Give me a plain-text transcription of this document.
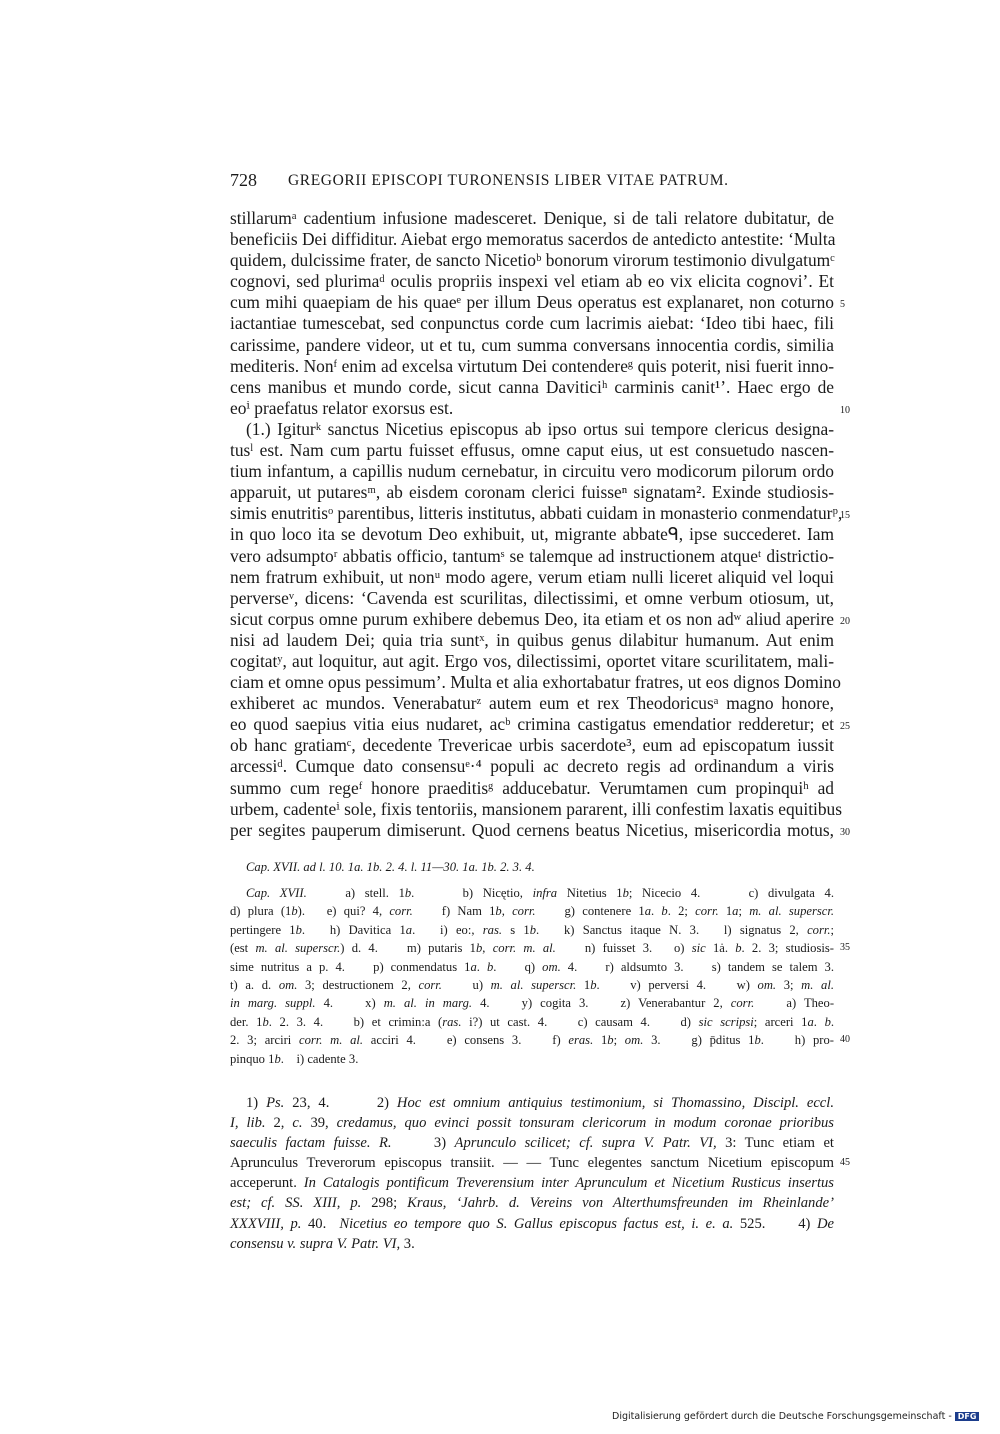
728 GREGORII EPISCOPI TURONENSIS LIBER VITAE PATRUM.
stillarumᵃ cadentium infusione madesceret. Denique, si de tali relatore dubitatur, de
beneficiis Dei diffiditur. Aiebat ergo memoratus sacerdos de antedicto antestite: ‘Multa
quidem, dulcissime frater, de sancto Nicetioᵇ bonorum virorum testimonio divulgatumᶜ
cognovi, sed plurimaᵈ oculis propriis inspexi vel etiam ab eo vix elicita cognovi’. Et
cum mihi quaepiam de his quaeᵉ per illum Deus operatus est explanaret, non coturno 5
iactantiae tumescebat, sed conpunctus corde cum lacrimis aiebat: ‘Ideo tibi haec, fili
carissime, pandere videor, ut et tu, cum summa conversans innocentia cordis, similia
mediteris. Nonᶠ enim ad excelsa virtutum Dei contendereᵍ quis poterit, nisi fuerit inno-
cens manibus et mundo corde, sicut canna Daviticiʰ carminis canit¹’. Haec ergo de
eoⁱ praefatus relator exorsus est.	10
(1.) Igiturᵏ sanctus Nicetius episcopus ab ipso ortus sui tempore clericus designa-
tusˡ est. Nam cum partu fuisset effusus, omne caput eius, ut est consuetudo nascen-
tium infantum, a capillis nudum cernebatur, in circuitu vero modicorum pilorum ordo
apparuit, ut putaresᵐ, ab eisdem coronam clerici fuisseⁿ signatam². Exinde studiosis-
simis enutritisᵒ parentibus, litteris institutus, abbati cuidam in monasterio conmendaturᵖ,
15
in quo loco ita se devotum Deo exhibuit, ut, migrante abbateᑫ, ipse succederet. Iam
vero adsumptoʳ abbatis officio, tantumˢ se talemque ad instructionem atqueᵗ districtio-
nem fratrum exhibuit, ut nonᵘ modo agere, verum etiam nulli liceret aliquid vel loqui
perverseᵛ, dicens: ‘Cavenda est scurilitas, dilectissimi, et omne verbum otiosum, ut,
sicut corpus omne purum exhibere debemus Deo, ita etiam et os non adʷ aliud aperire 20
nisi ad laudem Dei; quia tria suntˣ, in quibus genus dilabitur humanum. Aut enim
cogitatʸ, aut loquitur, aut agit. Ergo vos, dilectissimi, oportet vitare scurilitatem, mali-
ciam et omne opus pessimum’. Multa et alia exhortabatur fratres, ut eos dignos Domino
exhiberet ac mundos. Venerabaturᶻ autem eum et rex Theodoricusᵃ magno honore,
eo quod saepius vitia eius nudaret, acᵇ crimina castigatus emendatior redderetur; et 25
ob hanc gratiamᶜ, decedente Trevericae urbis sacerdote³, eum ad episcopatum iussit
arcessiᵈ. Cumque dato consensuᵉ·⁴ populi ac decreto regis ad ordinandum a viris
summo cum regeᶠ honore praeditisᵍ adducebatur. Verumtamen cum propinquiʰ ad
urbem, cadenteⁱ sole, fixis tentoriis, mansionem pararent, illi confestim laxatis equitibus
per segites pauperum dimiserunt. Quod cernens beatus Nicetius, misericordia motus, 30
Cap. XVII. ad l. 10. 1a. 1b. 2. 4. l. 11—30. 1a. 1b. 2. 3. 4.
Cap. XVII.    a) stell. 1b.     b) Nicętio, infra Nitetius 1b; Nicecio 4.     c) divulgata 4.
d) plura (1b).   e) qui? 4, corr.    f) Nam 1b, corr.    g) contenere 1a. b. 2; corr. 1a; m. al. superscr.
pertingere 1b.   h) Davitica 1a.   i) eo:, ras. s 1b.   k) Sanctus itaque N. 3.   l) signatus 2, corr.;
(est m. al. superscr.) d. 4.    m) putaris 1b, corr. m. al.    n) fuisset 3.   o) sic 1ȧ. b. 2. 3; studiosis- 35
sime nutritus a p. 4.    p) conmendatus 1a. b.    q) om. 4.    r) aldsumto 3.    s) tandem se talem 3.
t) a. d. om. 3; destructionem 2, corr.    u) m. al. superscr. 1b.    v) perversi 4.    w) om. 3; m. al.
in marg. suppl. 4.    x) m. al. in marg. 4.    y) cogita 3.    z) Venerabantur 2, corr.    a) Theo-
der. 1b. 2. 3. 4.    b) et crimin:a (ras. i?) ut cast. 4.    c) causam 4.    d) sic scripsi; arceri 1a. b.
2. 3; arciri corr. m. al. acciri 4.    e) consens 3.    f) eras. 1b; om. 3.    g) p̄ditus 1b.    h) pro- 40
pinquo 1b.    i) cadente 3.
1) Ps. 23, 4.      2) Hoc est omnium antiquius testimonium, si Thomassino, Discipl. eccl.
I, lib. 2, c. 39, credamus, quo evinci possit tonsuram clericorum in modum coronae prioribus
saeculis factam fuisse. R.     3) Aprunculo scilicet; cf. supra V. Patr. VI, 3: Tunc etiam et
Aprunculus Treverorum episcopus transiit. — — Tunc elegentes sanctum Nicetium episcopum 45
acceperunt. In Catalogis pontificum Treverensium inter Aprunculum et Nicetium Rusticus insertus
est; cf. SS. XIII, p. 298; Kraus, ‘Jahrb. d. Vereins von Alterthumsfreunden im Rheinlande’
XXXVIII, p. 40.  Nicetius eo tempore quo S. Gallus episcopus factus est, i. e. a. 525.     4) De
consensu v. supra V. Patr. VI, 3.
Digitalisierung gefördert durch die Deutsche Forschungsgemeinschaft - DFG
